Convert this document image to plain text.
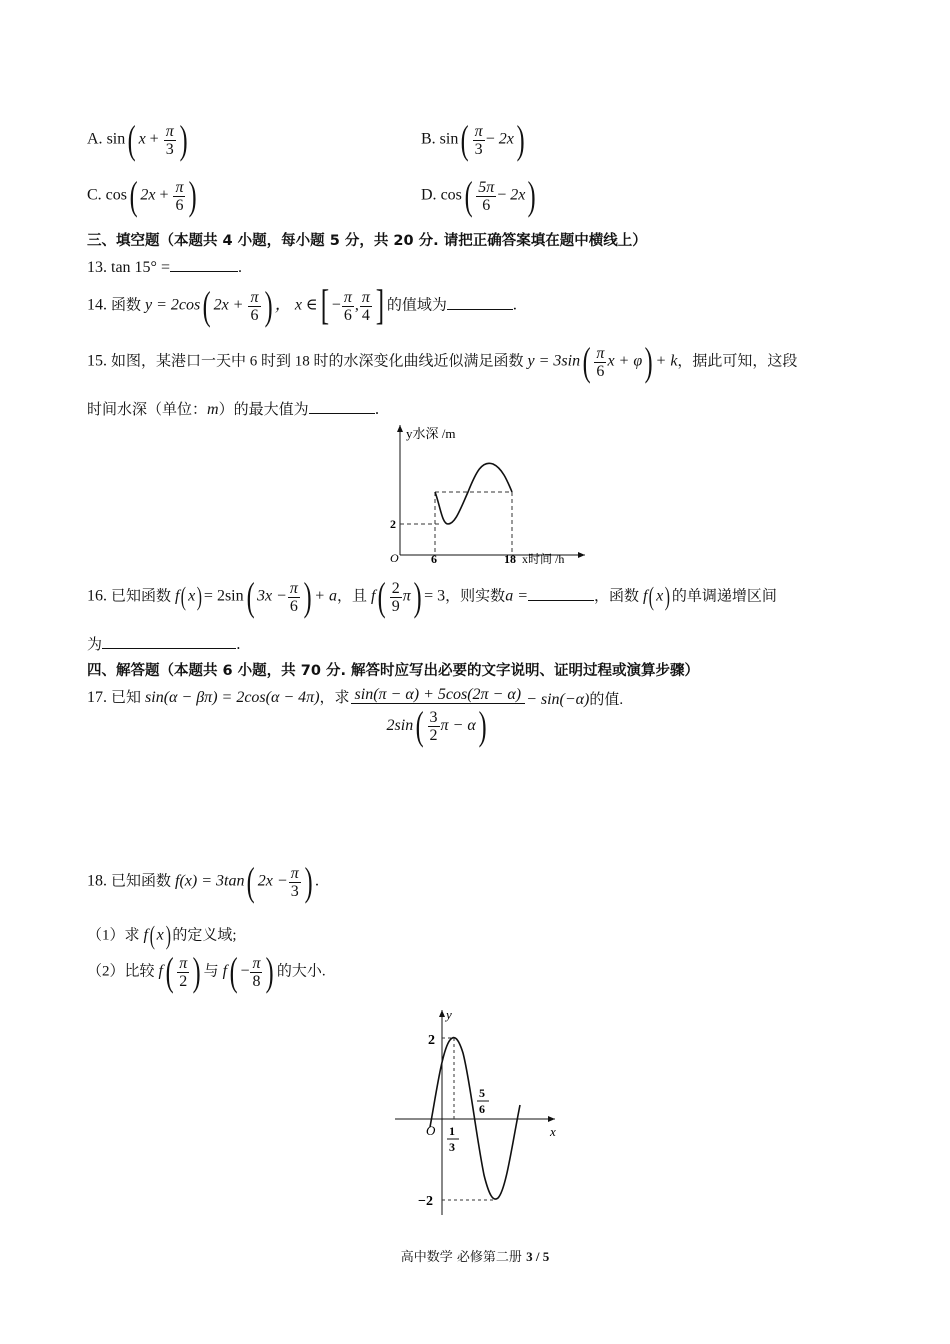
A. sin( $x + \frac{\pi}{3}$ )	B. $\sin( \frac{\pi}{3} - 2x)$
C. cos( $2x + \frac{\pi}{6}$ )	D. $\cos( \frac{5\pi}{6} - 2x)$
三、填空题（本题共 4 小题，每小题 5 分，共 20 分. 请把正确答案填在题中横线上）
13. tan 15° =	.
14. 函数 y = 2cos( $2x + \frac{\pi}{6}$ ) ， x ∈[ − $\frac{\pi}{6}$ , $\frac{\pi}{4}$ ] 的值域为	.
15. 如图，某港口一天中 6 时到 18 时的水深变化曲线近似满足函数 $y = 3\sin( \frac{\pi}{6}$ x + φ) + k，据此可知，这段
时间水深（单位：m）的最大值为	.
y水深 /m
2
O	6	18 x时间 /h
16. 已知函数 f( x) = 2sin( $3x - \frac{\pi}{6}$ ) + a，且 $f( \frac{2}{9} \pi) = 3$，则实数a =	，函数 f( x) 的单调递增区间
为	.
四、解答题（本题共 6 小题，共 70 分. 解答时应写出必要的文字说明、证明过程或演算步骤）
17. 已知 sin(α − βπ) = 2cos(α − 4π)，求 $\frac{\sin(\pi - \alpha) + 5\cos(2\pi - \alpha)}{2\sin( \frac{3}{2} \pi - \alpha)} - \sin(-\alpha)$的值.
18. 已知函数 f(x) = 3tan( $2x - \frac{\pi}{3}$ ) .
（1）求 f( x) 的定义域;
（2）比较 $f( \frac{\pi}{2}$ ) 与 $f( - \frac{\pi}{8}$ ) 的大小.
y
x
2
−2
O 1
3
5
6
高中数学 必修第二册 3 / 5
